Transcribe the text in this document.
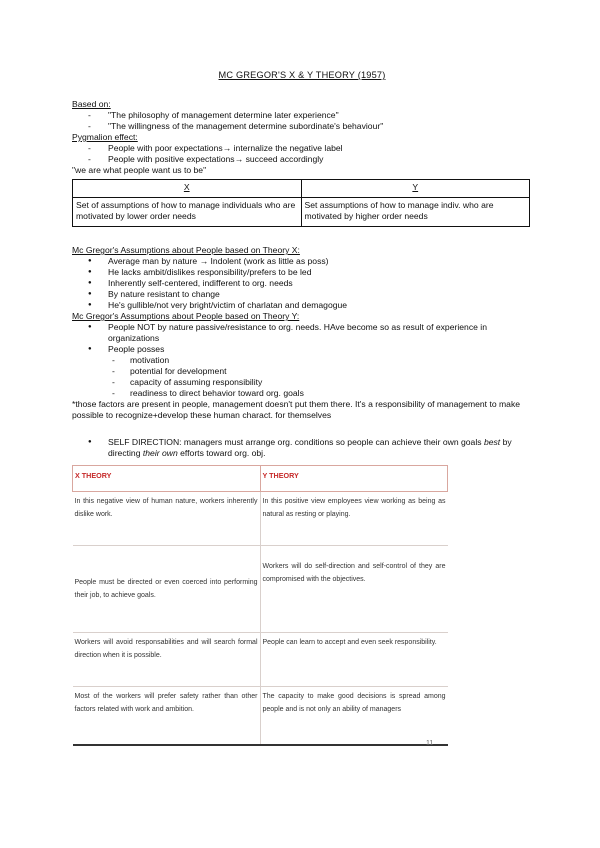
MC GREGOR'S X & Y THEORY (1957)
Based on:
- "The philosophy of management determine later experience"
- "The willingness of the management determine subordinate's behaviour"
Pygmalion effect:
- People with poor expectations→ internalize the negative label
- People with positive expectations→ succeed accordingly
"we are what people want us to be"
X	Y
Set of assumptions of how to manage individuals who are motivated by lower order needs	Set assumptions of how to manage indiv. who are motivated by higher order needs
Mc Gregor's Assumptions about People based on Theory X:
● Average man by nature → Indolent (work as little as poss)
● He lacks ambit/dislikes responsibility/prefers to be led
● Inherently self-centered, indifferent to org. needs
● By nature resistant to change
● He's gullible/not very bright/victim of charlatan and demagogue
Mc Gregor's Assumptions about People based on Theory Y:
● People NOT by nature passive/resistance to org. needs. HAve become so as result of experience in organizations
● People posses
- motivation
- potential for development
- capacity of assuming responsibility
- readiness to direct behavior toward org. goals
*those factors are present in people, management doesn't put them there. It's a responsibility of management to make possible to recognize+develop these human charact. for themselves
● SELF DIRECTION: managers must arrange org. conditions so people can achieve their own goals best by directing their own efforts toward org. obj.
X THEORY	Y THEORY
In this negative view of human nature, workers inherently dislike work.	In this positive view employees view working as being as natural as resting or playing.
People must be directed or even coerced into performing their job, to achieve goals.	Workers will do self-direction and self-control of they are compromised with the objectives.
Workers will avoid responsabilities and will search formal direction when it is possible.	People can learn to accept and even seek responsibility.
Most of the workers will prefer safety rather than other factors related with work and ambition.	The capacity to make good decisions is spread among people and is not only an ability of managers
11
